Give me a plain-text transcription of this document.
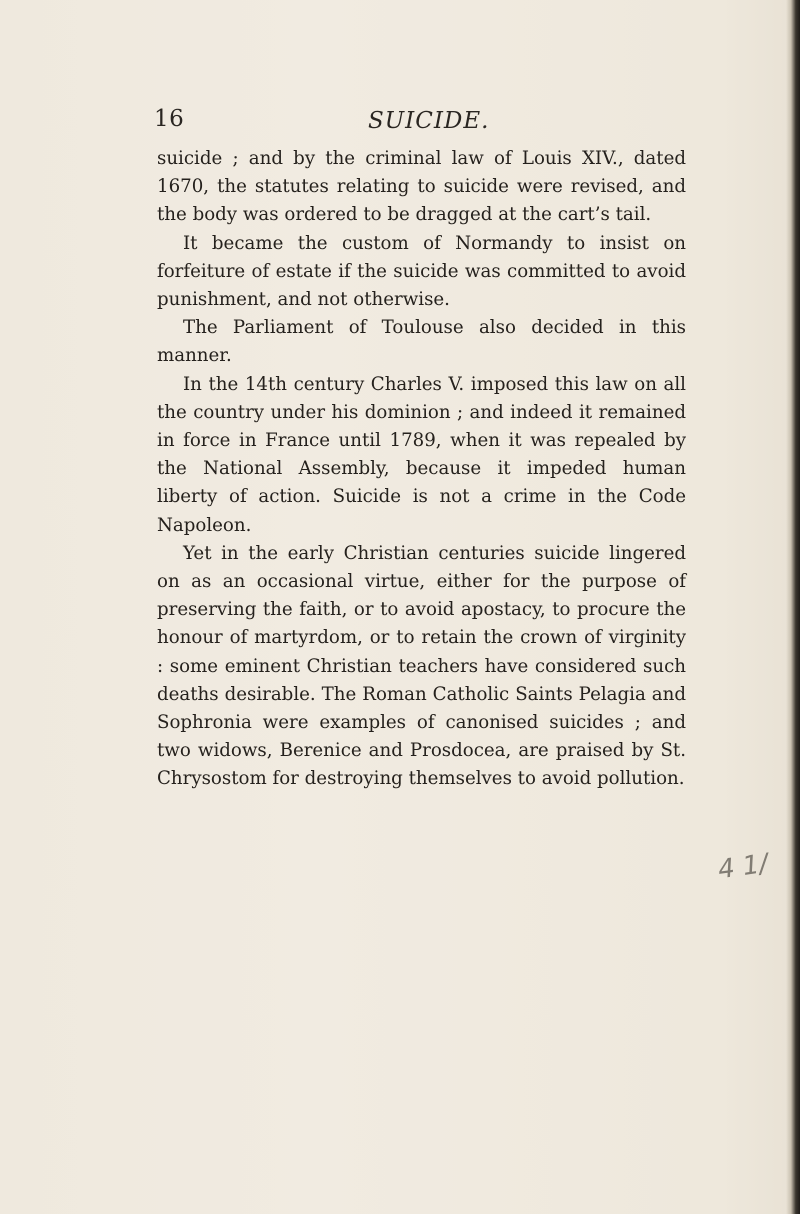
16	SUICIDE.

suicide ; and by the criminal law of Louis XIV., dated 1670, the statutes relating to suicide were revised, and the body was ordered to be dragged at the cart’s tail.

It became the custom of Normandy to insist on forfeiture of estate if the suicide was committed to avoid punishment, and not otherwise.

The Parliament of Toulouse also decided in this manner.

In the 14th century Charles V. imposed this law on all the country under his dominion ; and indeed it remained in force in France until 1789, when it was repealed by the National Assembly, because it impeded human liberty of action. Suicide is not a crime in the Code Napoleon.

Yet in the early Christian centuries suicide lingered on as an occasional virtue, either for the purpose of preserving the faith, or to avoid apostacy, to procure the honour of martyrdom, or to retain the crown of virginity : some eminent Christian teachers have considered such deaths desirable. The Roman Catholic Saints Pelagia and Sophronia were examples of canonised suicides ; and two widows, Berenice and Prosdocea, are praised by St. Chrysostom for destroying themselves to avoid pollution.

4 1/
